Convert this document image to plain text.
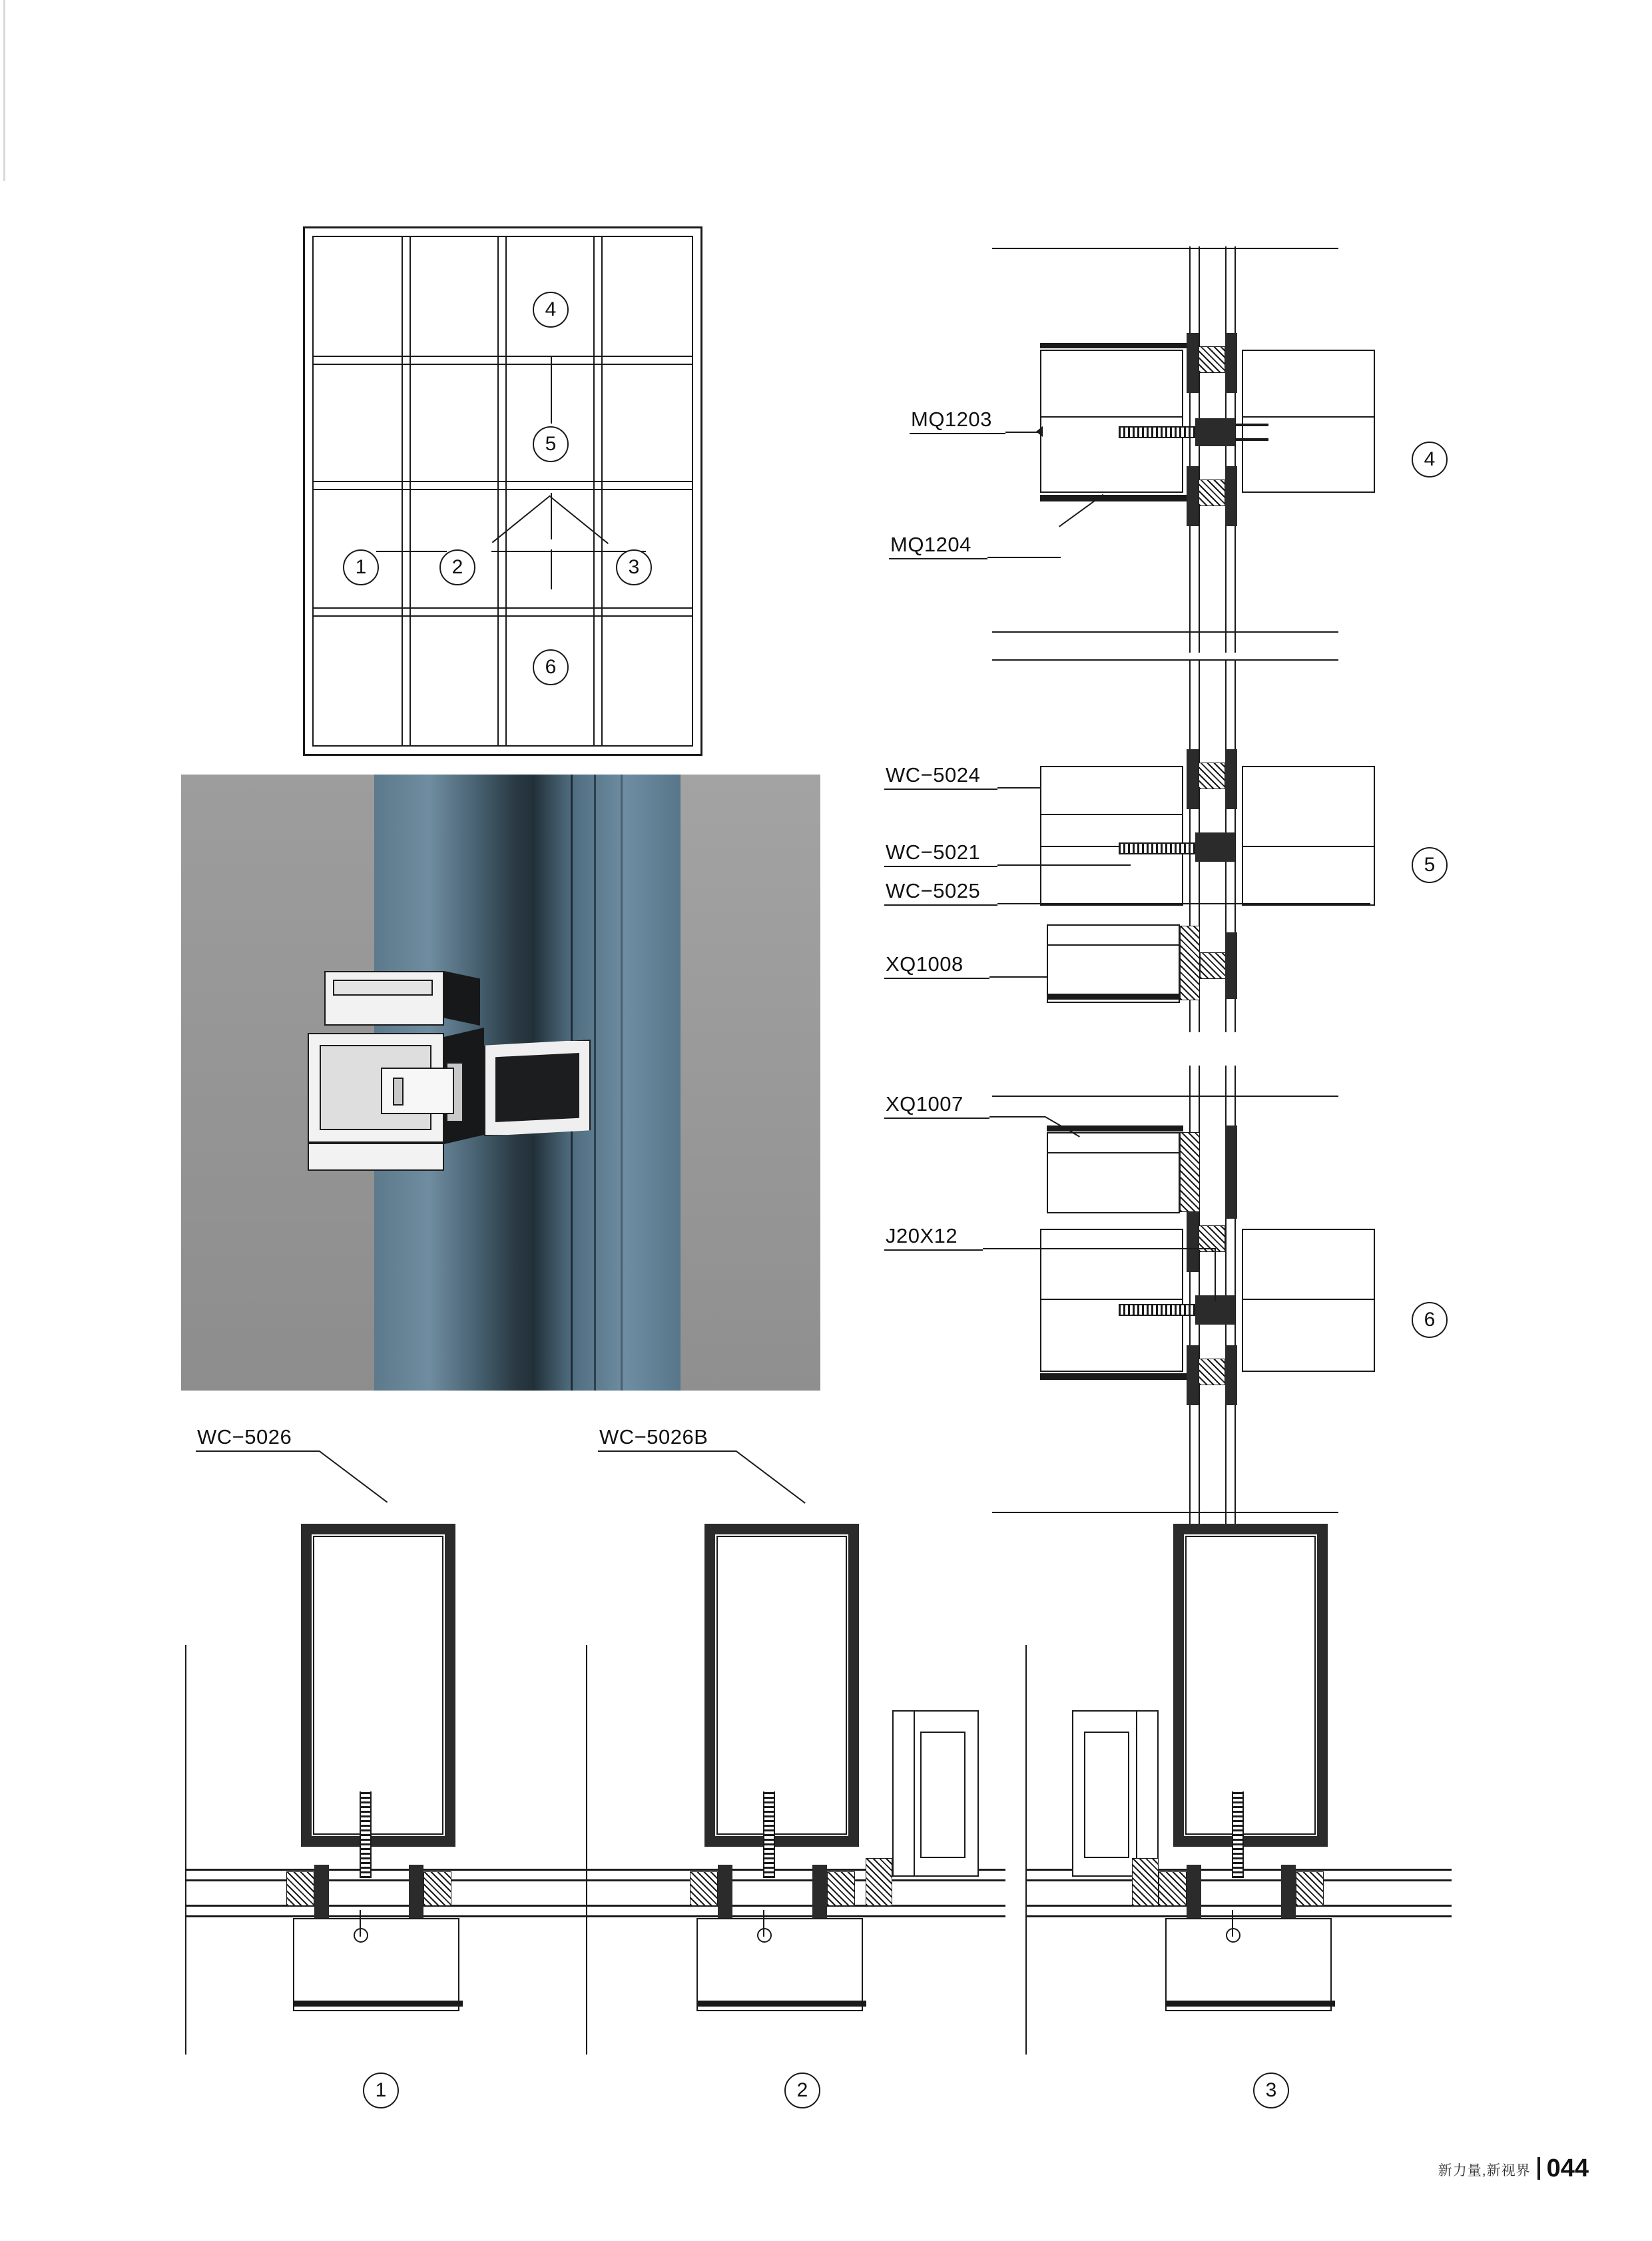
4
5
1	2	3
6
MQ1203
MQ1204
4
WC−5024
WC−5021
WC−5025
XQ1008
5
XQ1007
J20X12
6
WC−5026
1
WC−5026B
2	3
新力量,新视界 044
